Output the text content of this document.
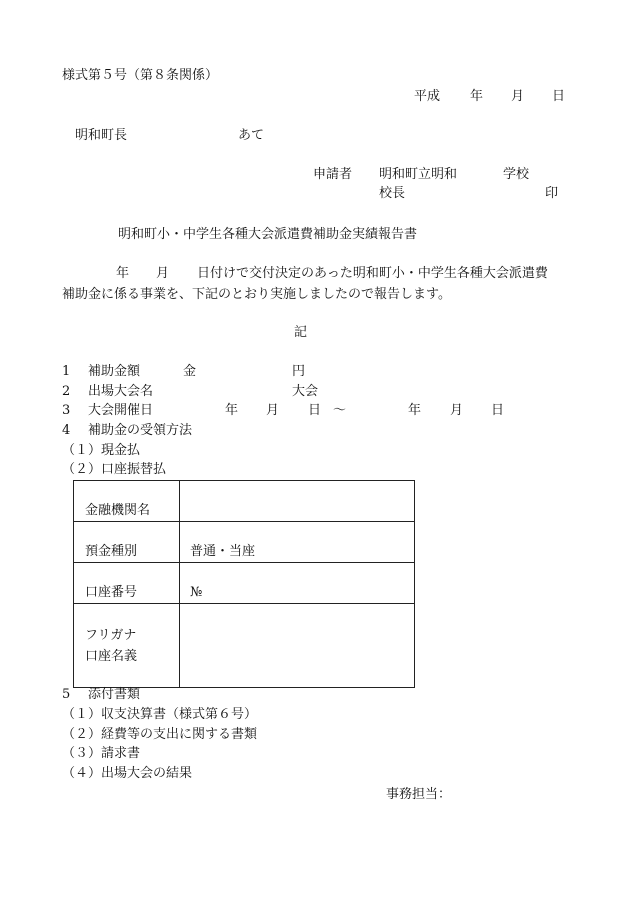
様式第５号（第８条関係）
平成 年 月 日
明和町長	あて
申請者 明和町立明和	学校
校長	印
明和町小・中学生各種大会派遣費補助金実績報告書
年 月 日付けで交付決定のあった明和町小・中学生各種大会派遣費
補助金に係る事業を、下記のとおり実施しましたので報告します。
記
1 補助金額	金	円
2 出場大会名	大会
3 大会開催日	年 月 日 〜	年 月 日
4 補助金の受領方法
（１）現金払
（２）口座振替払
金融機関名	
預金種別	普通・当座
口座番号	№

フリガナ
口座名義	

5 添付書類
（１）収支決算書（様式第６号）
（２）経費等の支出に関する書類
（３）請求書
（４）出場大会の結果
事務担当：
